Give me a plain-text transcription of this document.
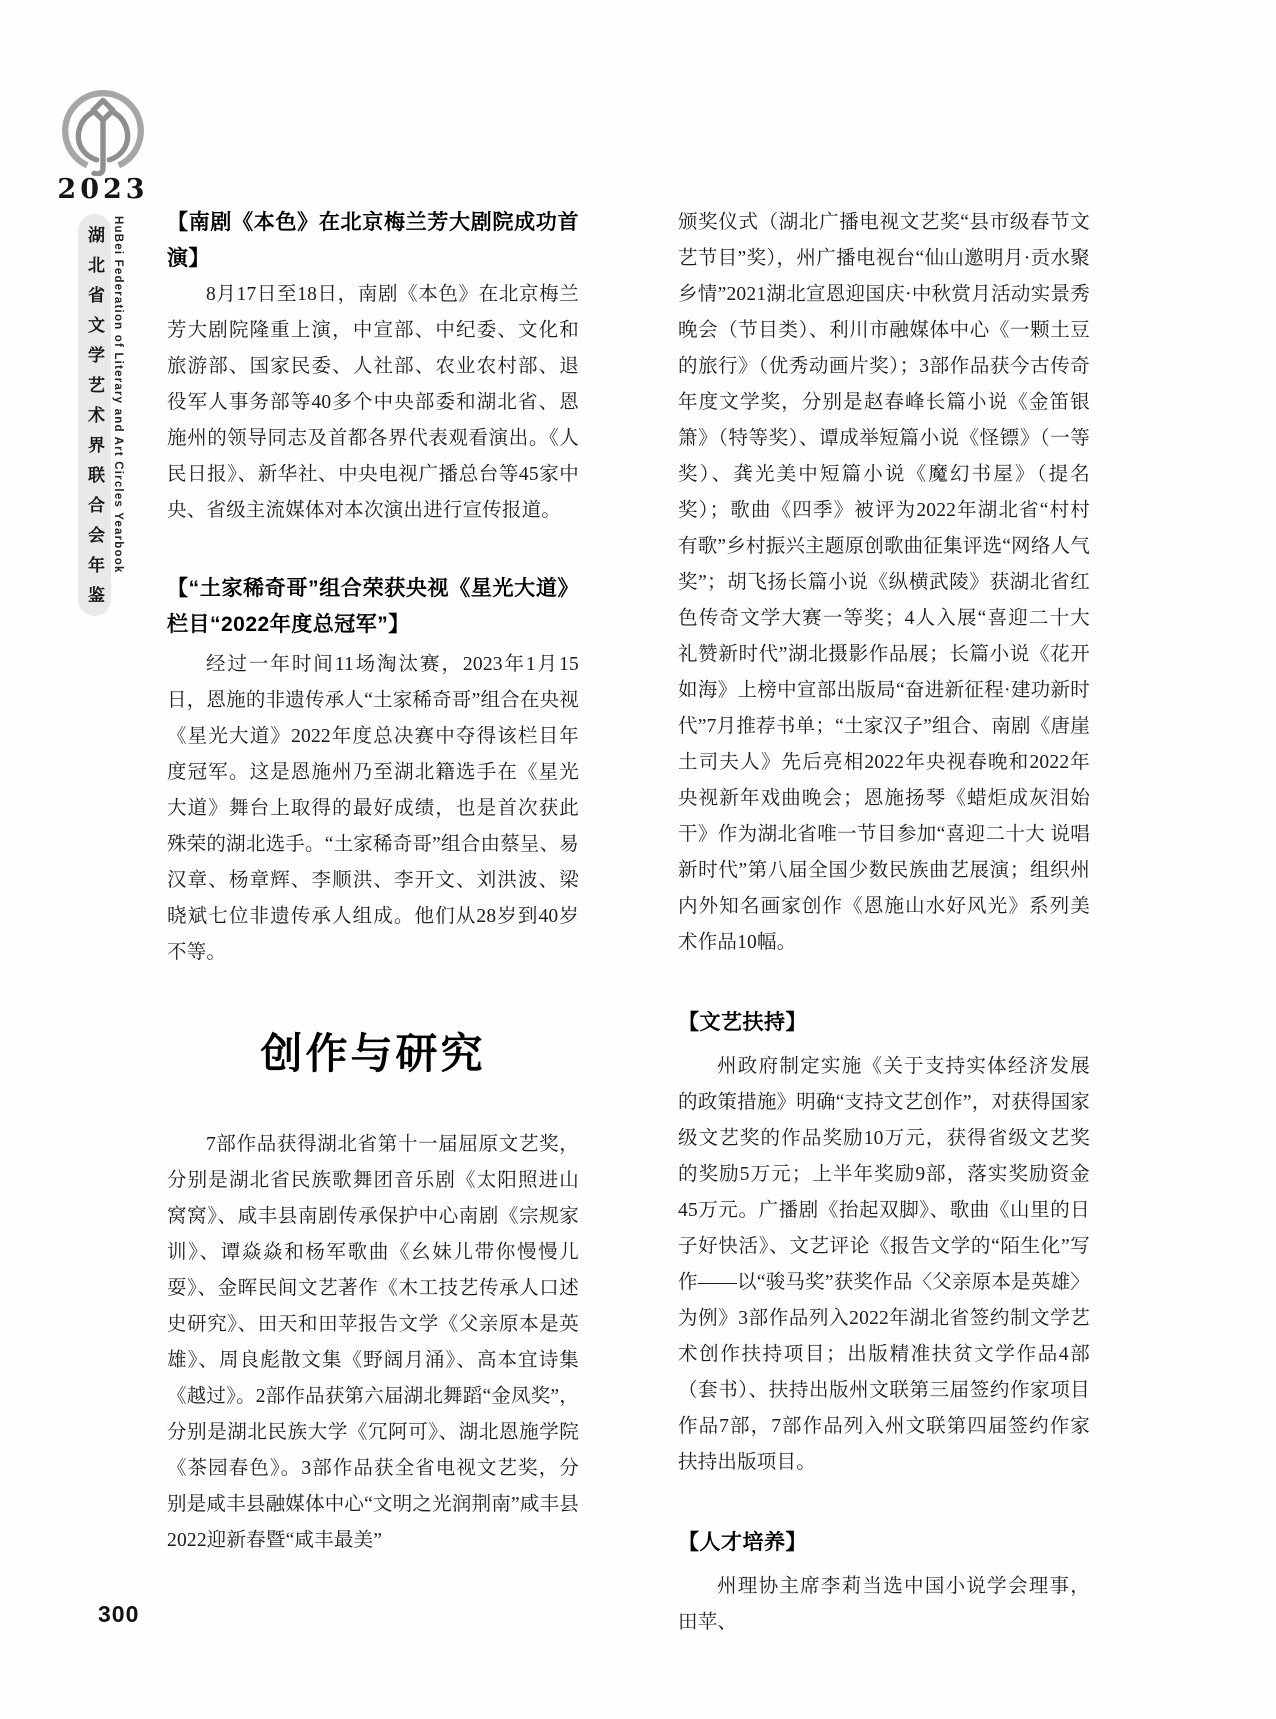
2023
湖北省文学艺术界联合会年鉴 HuBei Federation of Literary and Art Circles Yearbook 【南剧《本色》在北京梅兰芳大剧院成功首演】

8月17日至18日，南剧《本色》在北京梅兰芳大剧院隆重上演，中宣部、中纪委、文化和旅游部、国家民委、人社部、农业农村部、退役军人事务部等40多个中央部委和湖北省、恩施州的领导同志及首都各界代表观看演出。《人民日报》、新华社、中央电视广播总台等45家中央、省级主流媒体对本次演出进行宣传报道。

【“土家稀奇哥”组合荣获央视《星光大道》栏目“2022年度总冠军”】

经过一年时间11场淘汰赛，2023年1月15日，恩施的非遗传承人“土家稀奇哥”组合在央视《星光大道》2022年度总决赛中夺得该栏目年度冠军。这是恩施州乃至湖北籍选手在《星光大道》舞台上取得的最好成绩，也是首次获此殊荣的湖北选手。“土家稀奇哥”组合由蔡呈、易汉章、杨章辉、李顺洪、李开文、刘洪波、梁晓斌七位非遗传承人组成。他们从28岁到40岁不等。

创作与研究

7部作品获得湖北省第十一届屈原文艺奖，分别是湖北省民族歌舞团音乐剧《太阳照进山窝窝》、咸丰县南剧传承保护中心南剧《宗规家训》、谭焱焱和杨军歌曲《幺妹儿带你慢慢儿耍》、金晖民间文艺著作《木工技艺传承人口述史研究》、田天和田苹报告文学《父亲原本是英雄》、周良彪散文集《野阔月涌》、高本宜诗集《越过》。2部作品获第六届湖北舞蹈“金凤奖”，分别是湖北民族大学《冗阿可》、湖北恩施学院《茶园春色》。3部作品获全省电视文艺奖，分别是咸丰县融媒体中心“文明之光润荆南”咸丰县2022迎新春暨“咸丰最美”

颁奖仪式（湖北广播电视文艺奖“县市级春节文艺节目”奖），州广播电视台“仙山邀明月·贡水聚乡情”2021湖北宣恩迎国庆·中秋赏月活动实景秀晚会（节目类）、利川市融媒体中心《一颗土豆的旅行》（优秀动画片奖）；3部作品获今古传奇年度文学奖，分别是赵春峰长篇小说《金笛银箫》（特等奖）、谭成举短篇小说《怪镖》（一等奖）、龚光美中短篇小说《魔幻书屋》（提名奖）；歌曲《四季》被评为2022年湖北省“村村有歌”乡村振兴主题原创歌曲征集评选“网络人气奖”；胡飞扬长篇小说《纵横武陵》获湖北省红色传奇文学大赛一等奖；4人入展“喜迎二十大 礼赞新时代”湖北摄影作品展；长篇小说《花开如海》上榜中宣部出版局“奋进新征程·建功新时代”7月推荐书单；“土家汉子”组合、南剧《唐崖土司夫人》先后亮相2022年央视春晚和2022年央视新年戏曲晚会；恩施扬琴《蜡炬成灰泪始干》作为湖北省唯一节目参加“喜迎二十大 说唱新时代”第八届全国少数民族曲艺展演；组织州内外知名画家创作《恩施山水好风光》系列美术作品10幅。

【文艺扶持】

州政府制定实施《关于支持实体经济发展的政策措施》明确“支持文艺创作”，对获得国家级文艺奖的作品奖励10万元，获得省级文艺奖的奖励5万元；上半年奖励9部，落实奖励资金45万元。广播剧《抬起双脚》、歌曲《山里的日子好快活》、文艺评论《报告文学的“陌生化”写作——以“骏马奖”获奖作品〈父亲原本是英雄〉为例》3部作品列入2022年湖北省签约制文学艺术创作扶持项目；出版精准扶贫文学作品4部（套书）、扶持出版州文联第三届签约作家项目作品7部，7部作品列入州文联第四届签约作家扶持出版项目。

【人才培养】

州理协主席李莉当选中国小说学会理事，田苹、

300
